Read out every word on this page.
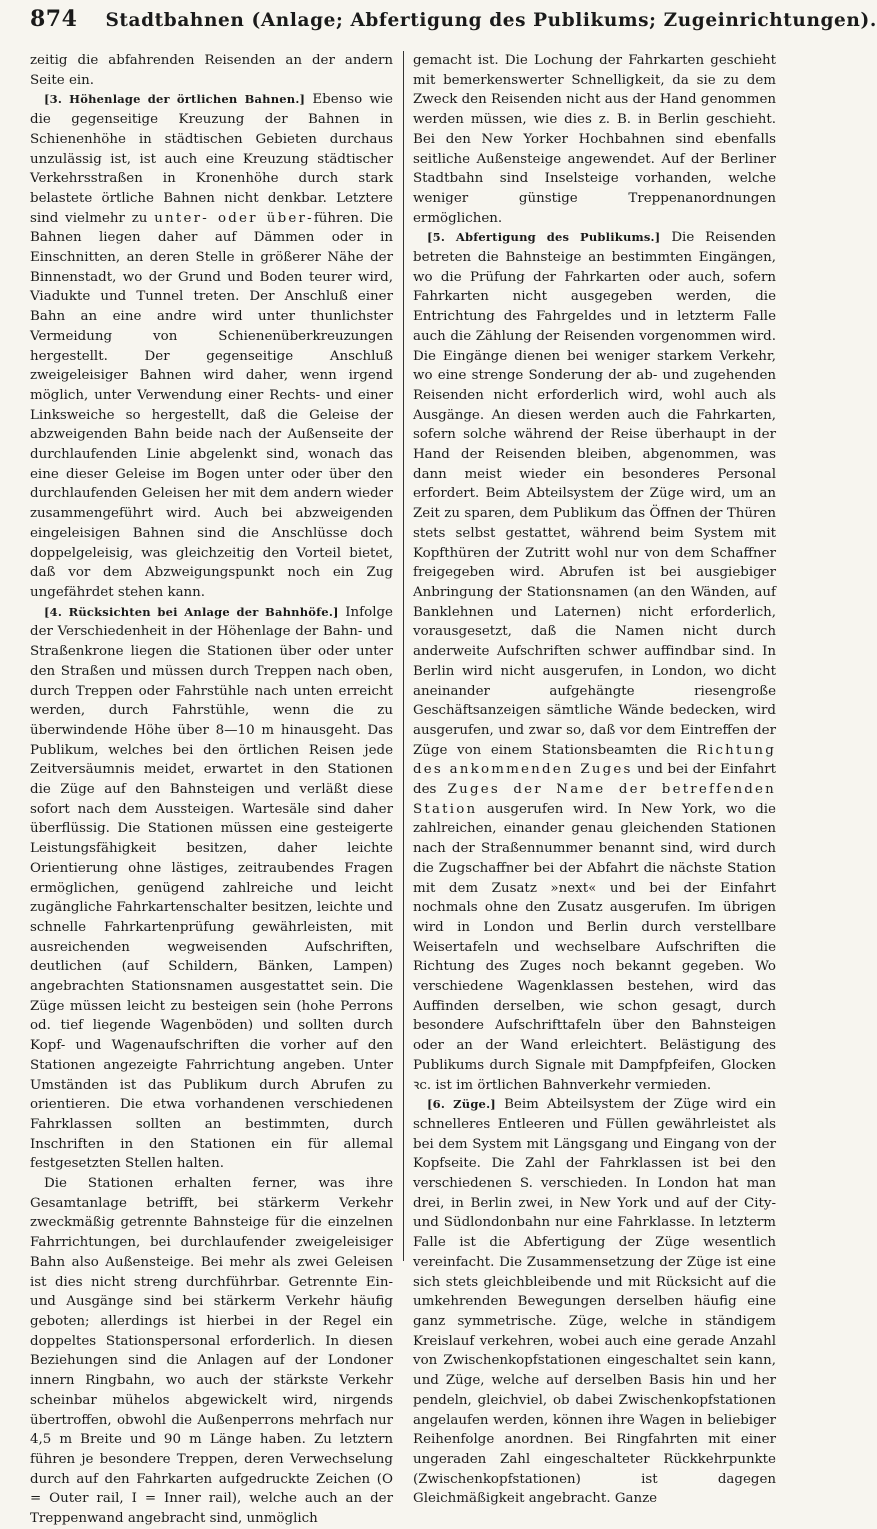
874 Stadtbahnen (Anlage; Abfertigung des Publikums; Zugeinrichtungen).

zeitig die abfahrenden Reisenden an der andern Seite ein.

[3. Höhenlage der örtlichen Bahnen.] Ebenso wie die gegenseitige Kreuzung der Bahnen in Schienenhöhe in städtischen Gebieten durchaus unzulässig ist, ist auch eine Kreuzung städtischer Verkehrsstraßen in Kronenhöhe durch stark belastete örtliche Bahnen nicht denkbar. Letztere sind vielmehr zu unter- oder über-führen. Die Bahnen liegen daher auf Dämmen oder in Einschnitten, an deren Stelle in größerer Nähe der Binnenstadt, wo der Grund und Boden teurer wird, Viadukte und Tunnel treten. Der Anschluß einer Bahn an eine andre wird unter thunlichster Vermeidung von Schienenüberkreuzungen hergestellt. Der gegenseitige Anschluß zweigeleisiger Bahnen wird daher, wenn irgend möglich, unter Verwendung einer Rechts- und einer Linksweiche so hergestellt, daß die Geleise der abzweigenden Bahn beide nach der Außenseite der durchlaufenden Linie abgelenkt sind, wonach das eine dieser Geleise im Bogen unter oder über den durchlaufenden Geleisen her mit dem andern wieder zusammengeführt wird. Auch bei abzweigenden eingeleisigen Bahnen sind die Anschlüsse doch doppelgeleisig, was gleichzeitig den Vorteil bietet, daß vor dem Abzweigungspunkt noch ein Zug ungefährdet stehen kann.

[4. Rücksichten bei Anlage der Bahnhöfe.] Infolge der Verschiedenheit in der Höhenlage der Bahn- und Straßenkrone liegen die Stationen über oder unter den Straßen und müssen durch Treppen nach oben, durch Treppen oder Fahrstühle nach unten erreicht werden, durch Fahrstühle, wenn die zu überwindende Höhe über 8—10 m hinausgeht. Das Publikum, welches bei den örtlichen Reisen jede Zeitversäumnis meidet, erwartet in den Stationen die Züge auf den Bahnsteigen und verläßt diese sofort nach dem Aussteigen. Wartesäle sind daher überflüssig. Die Stationen müssen eine gesteigerte Leistungsfähigkeit besitzen, daher leichte Orientierung ohne lästiges, zeitraubendes Fragen ermöglichen, genügend zahlreiche und leicht zugängliche Fahrkartenschalter besitzen, leichte und schnelle Fahrkartenprüfung gewährleisten, mit ausreichenden wegweisenden Aufschriften, deutlichen (auf Schildern, Bänken, Lampen) angebrachten Stationsnamen ausgestattet sein. Die Züge müssen leicht zu besteigen sein (hohe Perrons od. tief liegende Wagenböden) und sollten durch Kopf- und Wagenaufschriften die vorher auf den Stationen angezeigte Fahrrichtung angeben. Unter Umständen ist das Publikum durch Abrufen zu orientieren. Die etwa vorhandenen verschiedenen Fahrklassen sollten an bestimmten, durch Inschriften in den Stationen ein für allemal festgesetzten Stellen halten.

Die Stationen erhalten ferner, was ihre Gesamtanlage betrifft, bei stärkerm Verkehr zweckmäßig getrennte Bahnsteige für die einzelnen Fahrrichtungen, bei durchlaufender zweigeleisiger Bahn also Außensteige. Bei mehr als zwei Geleisen ist dies nicht streng durchführbar. Getrennte Ein- und Ausgänge sind bei stärkerm Verkehr häufig geboten; allerdings ist hierbei in der Regel ein doppeltes Stationspersonal erforderlich. In diesen Beziehungen sind die Anlagen auf der Londoner innern Ringbahn, wo auch der stärkste Verkehr scheinbar mühelos abgewickelt wird, nirgends übertroffen, obwohl die Außenperrons mehrfach nur 4,5 m Breite und 90 m Länge haben. Zu letztern führen je besondere Treppen, deren Verwechselung durch auf den Fahrkarten aufgedruckte Zeichen (O = Outer rail, I = Inner rail), welche auch an der Treppenwand angebracht sind, unmöglich

gemacht ist. Die Lochung der Fahrkarten geschieht mit bemerkenswerter Schnelligkeit, da sie zu dem Zweck den Reisenden nicht aus der Hand genommen werden müssen, wie dies z. B. in Berlin geschieht. Bei den New Yorker Hochbahnen sind ebenfalls seitliche Außensteige angewendet. Auf der Berliner Stadtbahn sind Inselsteige vorhanden, welche weniger günstige Treppenanordnungen ermöglichen.

[5. Abfertigung des Publikums.] Die Reisenden betreten die Bahnsteige an bestimmten Eingängen, wo die Prüfung der Fahrkarten oder auch, sofern Fahrkarten nicht ausgegeben werden, die Entrichtung des Fahrgeldes und in letzterm Falle auch die Zählung der Reisenden vorgenommen wird. Die Eingänge dienen bei weniger starkem Verkehr, wo eine strenge Sonderung der ab- und zugehenden Reisenden nicht erforderlich wird, wohl auch als Ausgänge. An diesen werden auch die Fahrkarten, sofern solche während der Reise überhaupt in der Hand der Reisenden bleiben, abgenommen, was dann meist wieder ein besonderes Personal erfordert. Beim Abteilsystem der Züge wird, um an Zeit zu sparen, dem Publikum das Öffnen der Thüren stets selbst gestattet, während beim System mit Kopfthüren der Zutritt wohl nur von dem Schaffner freigegeben wird. Abrufen ist bei ausgiebiger Anbringung der Stationsnamen (an den Wänden, auf Banklehnen und Laternen) nicht erforderlich, vorausgesetzt, daß die Namen nicht durch anderweite Aufschriften schwer auffindbar sind. In Berlin wird nicht ausgerufen, in London, wo dicht aneinander aufgehängte riesengroße Geschäftsanzeigen sämtliche Wände bedecken, wird ausgerufen, und zwar so, daß vor dem Eintreffen der Züge von einem Stationsbeamten die Richtung des ankommenden Zuges und bei der Einfahrt des Zuges der Name der betreffenden Station ausgerufen wird. In New York, wo die zahlreichen, einander genau gleichenden Stationen nach der Straßennummer benannt sind, wird durch die Zugschaffner bei der Abfahrt die nächste Station mit dem Zusatz »next« und bei der Einfahrt nochmals ohne den Zusatz ausgerufen. Im übrigen wird in London und Berlin durch verstellbare Weisertafeln und wechselbare Aufschriften die Richtung des Zuges noch bekannt gegeben. Wo verschiedene Wagenklassen bestehen, wird das Auffinden derselben, wie schon gesagt, durch besondere Aufschrifttafeln über den Bahnsteigen oder an der Wand erleichtert. Belästigung des Publikums durch Signale mit Dampfpfeifen, Glocken ꝛc. ist im örtlichen Bahnverkehr vermieden.

[6. Züge.] Beim Abteilsystem der Züge wird ein schnelleres Entleeren und Füllen gewährleistet als bei dem System mit Längsgang und Eingang von der Kopfseite. Die Zahl der Fahrklassen ist bei den verschiedenen S. verschieden. In London hat man drei, in Berlin zwei, in New York und auf der City- und Südlondonbahn nur eine Fahrklasse. In letzterm Falle ist die Abfertigung der Züge wesentlich vereinfacht. Die Zusammensetzung der Züge ist eine sich stets gleichbleibende und mit Rücksicht auf die umkehrenden Bewegungen derselben häufig eine ganz symmetrische. Züge, welche in ständigem Kreislauf verkehren, wobei auch eine gerade Anzahl von Zwischenkopfstationen eingeschaltet sein kann, und Züge, welche auf derselben Basis hin und her pendeln, gleichviel, ob dabei Zwischenkopfstationen angelaufen werden, können ihre Wagen in beliebiger Reihenfolge anordnen. Bei Ringfahrten mit einer ungeraden Zahl eingeschalteter Rückkehrpunkte (Zwischenkopfstationen) ist dagegen Gleichmäßigkeit angebracht. Ganze
